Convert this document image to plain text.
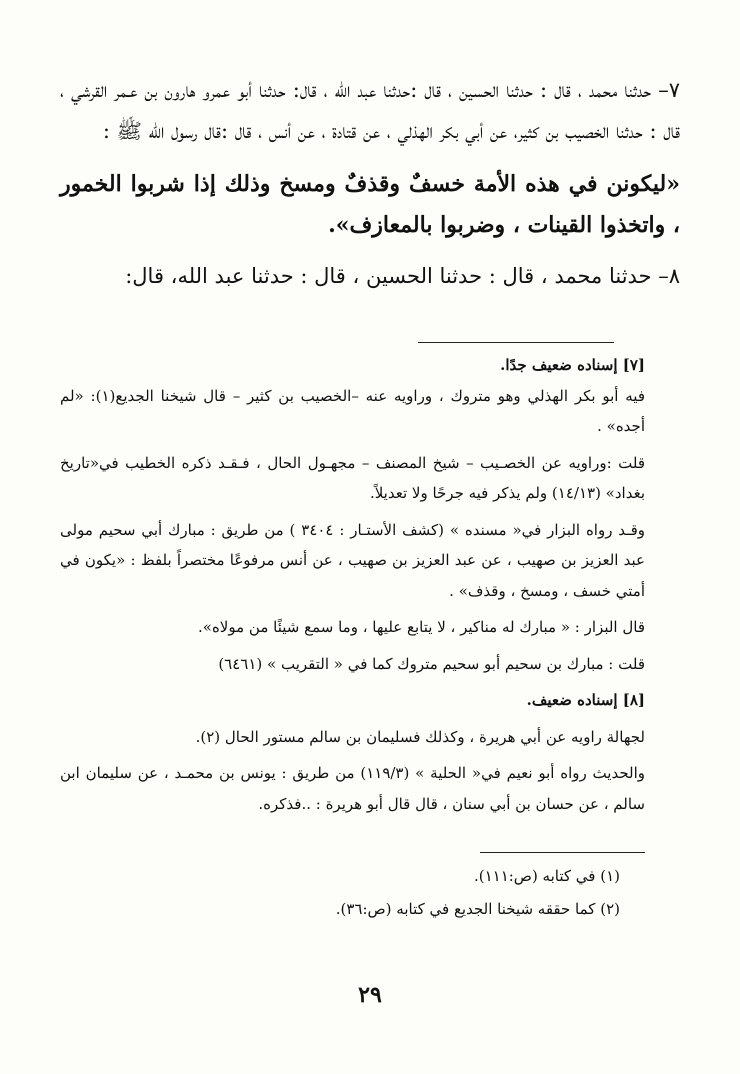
٧– حدثنا محمد ، قال : حدثنا الحسين ، قال :حدثنا عبد الله ، قال: حدثنا أبو عمرو هارون بن عـمر القرشي ، قال : حدثنا الخصيب بن كثير، عن أبي بكر الهذلي ، عن قتادة ، عن أنس ، قال :قال رسول الله ﷺ :

«ليكونن في هذه الأمة خسفٌ وقذفٌ ومسخ وذلك إذا شربوا الخمور ، واتخذوا القينات ، وضربوا بالمعازف».

٨– حدثنا محمد ، قال : حدثنا الحسين ، قال : حدثنا عبد الله، قال:

[٧] إسناده ضعيف جدًا.

فيه أبو بكر الهذلي وهو متروك ، وراويه عنه –الخصيب بن كثير – قال شيخنا الجديع(١): «لم أجده» .

قلت :وراويه عن الخصـيب – شيخ المصنف – مجهـول الحال ، فـقـد ذكره الخطيب في«تاريخ بغداد» (١٤/١٣) ولم يذكر فيه جرحًا ولا تعديلاً.

وقـد رواه البزار في« مسنده » (كشف الأستـار : ٣٤٠٤ ) من طريق : مبارك أبي سحيم مولى عبد العزيز بن صهيب ، عن عبد العزيز بن صهيب ، عن أنس مرفوعًا مختصراً بلفظ : «يكون في أمتي خسف ، ومسخ ، وقذف» .

قال البزار : « مبارك له مناكير ، لا يتابع عليها ، وما سمع شيئًا من مولاه».

قلت : مبارك بن سحيم أبو سحيم متروك كما في « التقريب » (٦٤٦١)

[٨] إسناده ضعيف.

لجهالة راويه عن أبي هريرة ، وكذلك فسليمان بن سالم مستور الحال (٢).

والحديث رواه أبو نعيم في« الحلية » (١١٩/٣) من طريق : يونس بن محمـد ، عن سليمان ابن سالم ، عن حسان بن أبي سنان ، قال قال أبو هريرة : ..فذكره.

(١) في كتابه (ص:١١١).

(٢) كما حققه شيخنا الجديع في كتابه (ص:٣٦).

٢٩
